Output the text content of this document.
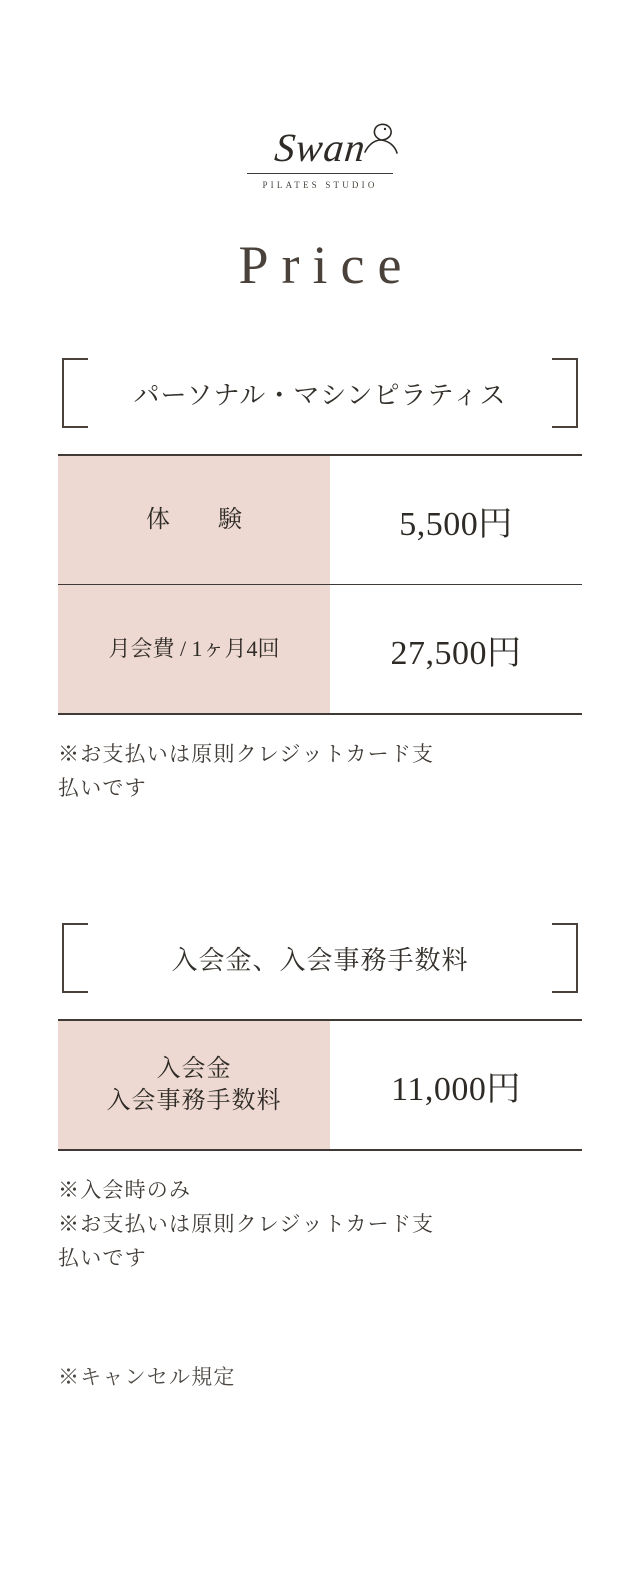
Swan
PILATES STUDIO
Price
パーソナル・マシンピラティス
体　験	5,500円
月会費 / 1ヶ月4回	27,500円
※お支払いは原則クレジットカード支
払いです
入会金、入会事務手数料
入会金
入会事務手数料	11,000円
※入会時のみ
※お支払いは原則クレジットカード支
払いです
※キャンセル規定
